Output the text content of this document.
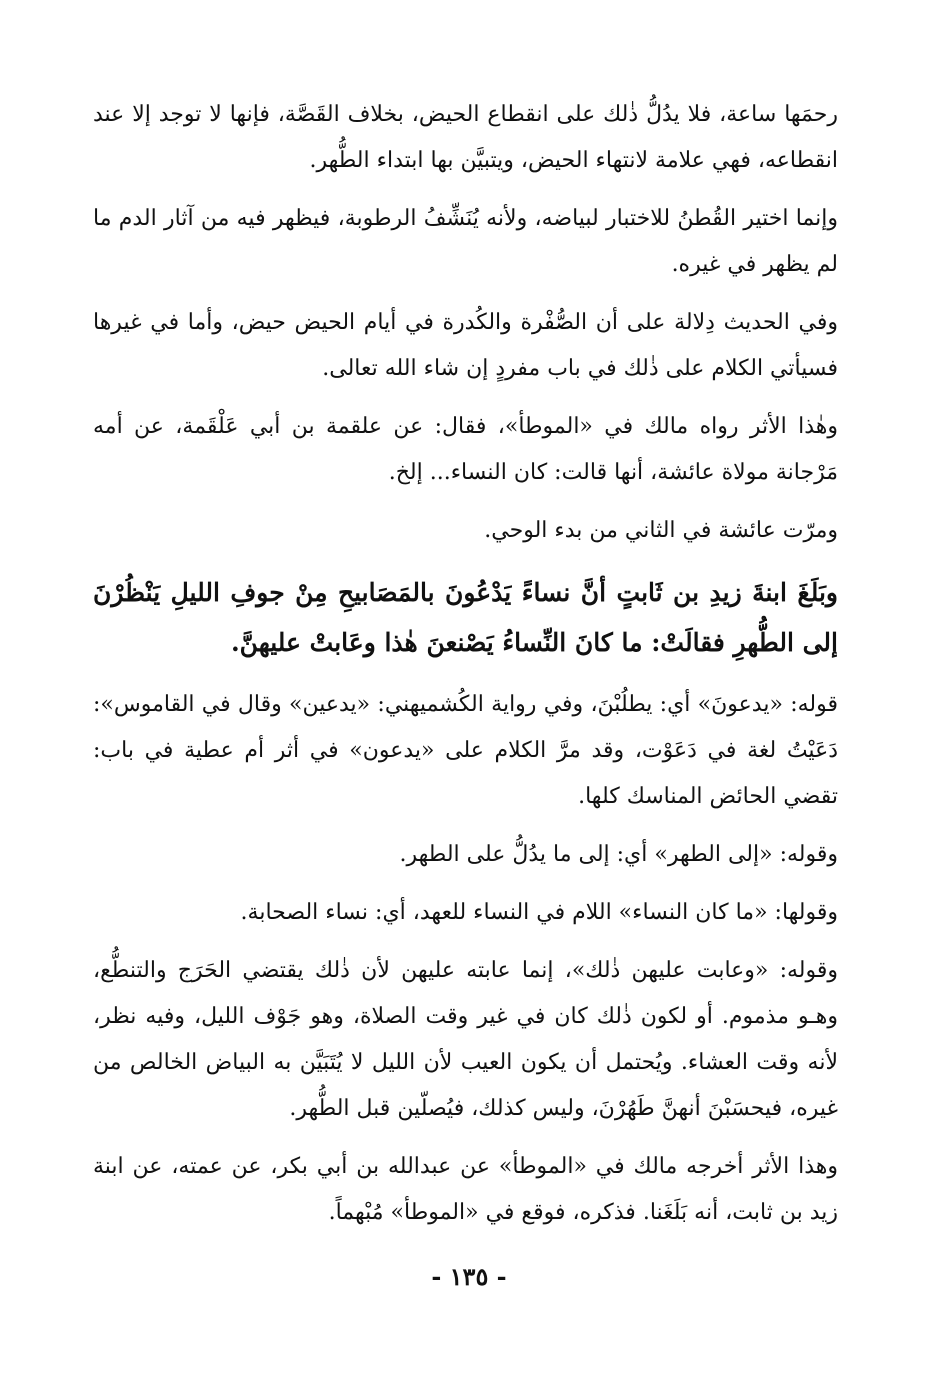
رحمَها ساعة، فلا يدُلُّ ذٰلك على انقطاع الحيض، بخلاف القَصَّة، فإنها لا توجد إلا عند انقطاعه، فهي علامة لانتهاء الحيض، ويتبيَّن بها ابتداء الطُّهر.

وإنما اختير القُطنُ للاختبار لبياضه، ولأنه يُنَشِّفُ الرطوبة، فيظهر فيه من آثار الدم ما لم يظهر في غيره.

وفي الحديث دِلالة على أن الصُّفْرة والكُدرة في أيام الحيض حيض، وأما في غيرها فسيأتي الكلام على ذٰلك في باب مفردٍ إن شاء الله تعالى.

وهٰذا الأثر رواه مالك في «الموطأ»، فقال: عن علقمة بن أبي عَلْقَمة، عن أمه مَرْجانة مولاة عائشة، أنها قالت: كان النساء... إلخ.

ومرّت عائشة في الثاني من بدء الوحي.

وبَلَغَ ابنةَ زيدِ بن ثَابتٍ أنَّ نساءً يَدْعُونَ بالمَصَابيحِ مِنْ جوفِ الليلِ يَنْظُرْنَ إلى الطُّهرِ فقالَتْ: ما كانَ النِّساءُ يَصْنعنَ هٰذا وعَابتْ عليهنَّ.

قوله: «يدعونَ» أي: يطلُبْنَ، وفي رواية الكُشميهني: «يدعين» وقال في القاموس»: دَعَيْتُ لغة في دَعَوْت، وقد مرَّ الكلام على «يدعون» في أثر أم عطية في باب: تقضي الحائض المناسك كلها.

وقوله: «إلى الطهر» أي: إلى ما يدُلُّ على الطهر.

وقولها: «ما كان النساء» اللام في النساء للعهد، أي: نساء الصحابة.

وقوله: «وعابت عليهن ذٰلك»، إنما عابته عليهن لأن ذٰلك يقتضي الحَرَج والتنطُّع، وهـو مذموم. أو لكون ذٰلك كان في غير وقت الصلاة، وهو جَوْف الليل، وفيه نظر، لأنه وقت العشاء. ويُحتمل أن يكون العيب لأن الليل لا يُتَبَيَّن به البياض الخالص من غيره، فيحسَبْنَ أنهنَّ طَهُرْنَ، وليس كذلك، فيُصلّين قبل الطُّهر.

وهذا الأثر أخرجه مالك في «الموطأ» عن عبدالله بن أبي بكر، عن عمته، عن ابنة زيد بن ثابت، أنه بَلَغَنا. فذكره، فوقع في «الموطأ» مُبْهماً.

- ١٣٥ -
